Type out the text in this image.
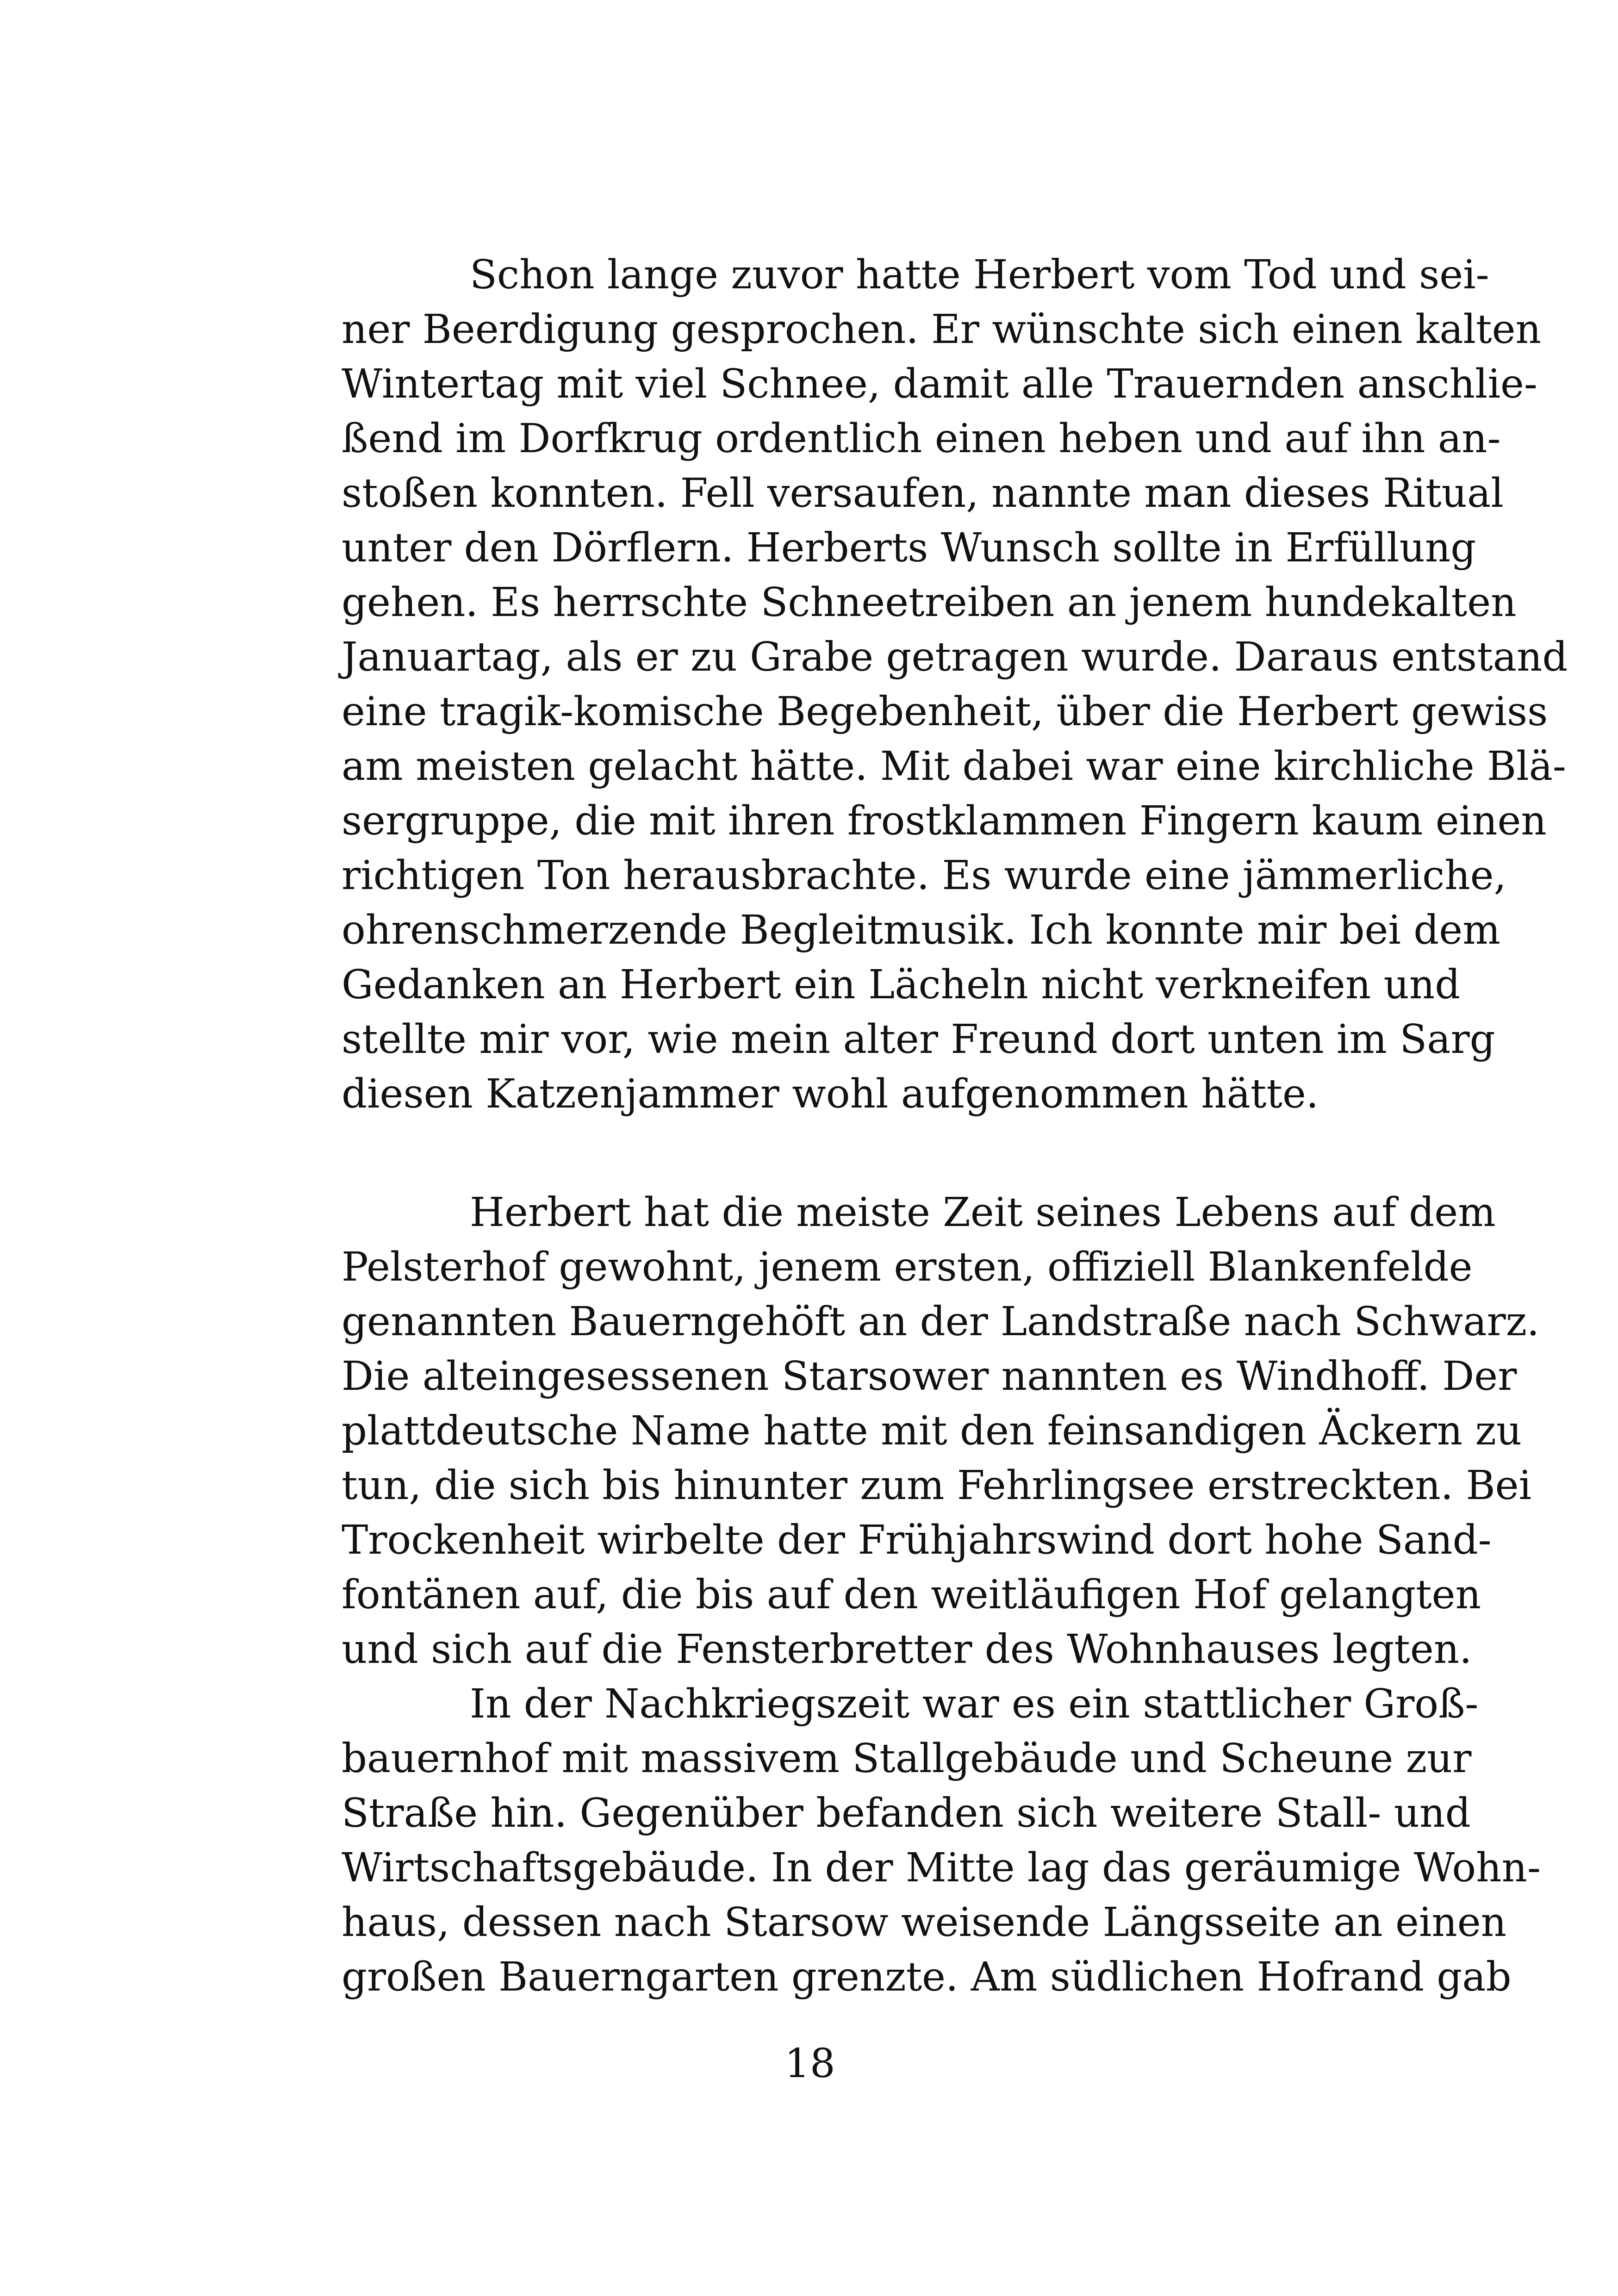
Schon lange zuvor hatte Herbert vom Tod und sei-
ner Beerdigung gesprochen. Er wünschte sich einen kalten
Wintertag mit viel Schnee, damit alle Trauernden anschlie-
ßend im Dorfkrug ordentlich einen heben und auf ihn an-
stoßen konnten. Fell versaufen, nannte man dieses Ritual
unter den Dörflern. Herberts Wunsch sollte in Erfüllung
gehen. Es herrschte Schneetreiben an jenem hundekalten
Januartag, als er zu Grabe getragen wurde. Daraus entstand
eine tragik-komische Begebenheit, über die Herbert gewiss
am meisten gelacht hätte. Mit dabei war eine kirchliche Blä-
sergruppe, die mit ihren frostklammen Fingern kaum einen
richtigen Ton herausbrachte. Es wurde eine jämmerliche,
ohrenschmerzende Begleitmusik. Ich konnte mir bei dem
Gedanken an Herbert ein Lächeln nicht verkneifen und
stellte mir vor, wie mein alter Freund dort unten im Sarg
diesen Katzenjammer wohl aufgenommen hätte.
Herbert hat die meiste Zeit seines Lebens auf dem
Pelsterhof gewohnt, jenem ersten, offiziell Blankenfelde
genannten Bauerngehöft an der Landstraße nach Schwarz.
Die alteingesessenen Starsower nannten es Windhoff. Der
plattdeutsche Name hatte mit den feinsandigen Äckern zu
tun, die sich bis hinunter zum Fehrlingsee erstreckten. Bei
Trockenheit wirbelte der Frühjahrswind dort hohe Sand-
fontänen auf, die bis auf den weitläufigen Hof gelangten
und sich auf die Fensterbretter des Wohnhauses legten.
In der Nachkriegszeit war es ein stattlicher Groß-
bauernhof mit massivem Stallgebäude und Scheune zur
Straße hin. Gegenüber befanden sich weitere Stall- und
Wirtschaftsgebäude. In der Mitte lag das geräumige Wohn-
haus, dessen nach Starsow weisende Längsseite an einen
großen Bauerngarten grenzte. Am südlichen Hofrand gab
18
